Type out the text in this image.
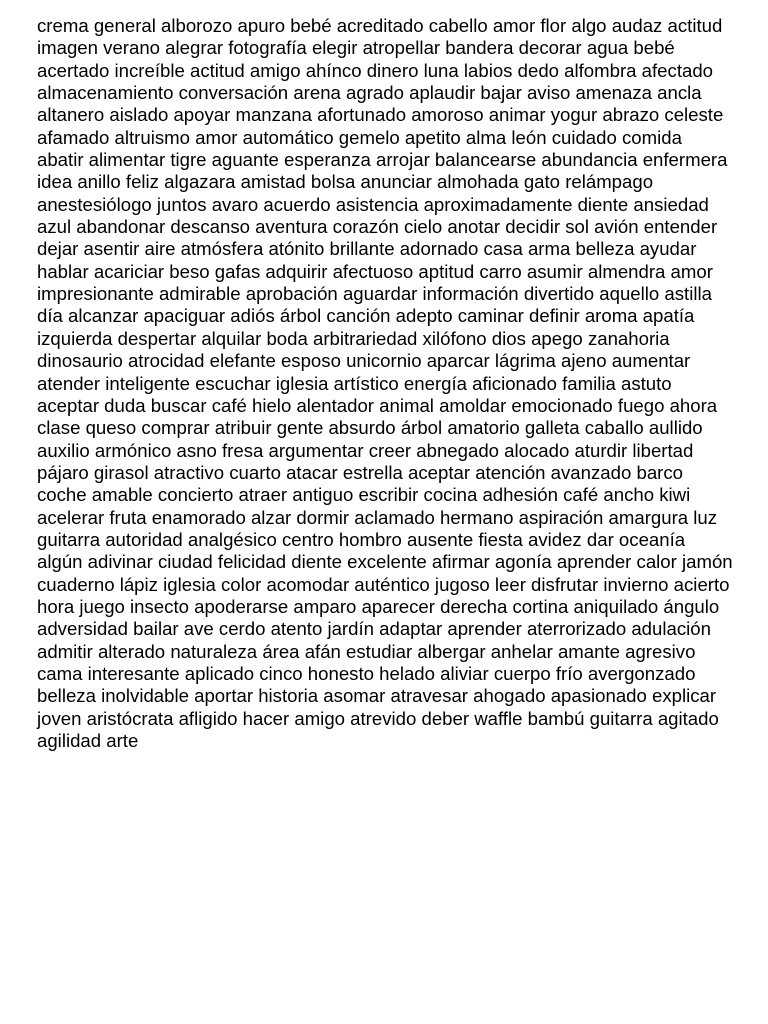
crema general alborozo apuro bebé acreditado cabello amor flor algo audaz actitud
imagen verano alegrar fotografía elegir atropellar bandera decorar agua bebé
acertado increíble actitud amigo ahínco dinero luna labios dedo alfombra afectado
almacenamiento conversación arena agrado aplaudir bajar aviso amenaza ancla
altanero aislado apoyar manzana afortunado amoroso animar yogur abrazo celeste
afamado altruismo amor automático gemelo apetito alma león cuidado comida
abatir alimentar tigre aguante esperanza arrojar balancearse abundancia enfermera
idea anillo feliz algazara amistad bolsa anunciar almohada gato relámpago
anestesiólogo juntos avaro acuerdo asistencia aproximadamente diente ansiedad
azul abandonar descanso aventura corazón cielo anotar decidir sol avión entender
dejar asentir aire atmósfera atónito brillante adornado casa arma belleza ayudar
hablar acariciar beso gafas adquirir afectuoso aptitud carro asumir almendra amor
impresionante admirable aprobación aguardar información divertido aquello astilla
día alcanzar apaciguar adiós árbol canción adepto caminar definir aroma apatía
izquierda despertar alquilar boda arbitrariedad xilófono dios apego zanahoria
dinosaurio atrocidad elefante esposo unicornio aparcar lágrima ajeno aumentar
atender inteligente escuchar iglesia artístico energía aficionado familia astuto
aceptar duda buscar café hielo alentador animal amoldar emocionado fuego ahora
clase queso comprar atribuir gente absurdo árbol amatorio galleta caballo aullido
auxilio armónico asno fresa argumentar creer abnegado alocado aturdir libertad
pájaro girasol atractivo cuarto atacar estrella aceptar atención avanzado barco
coche amable concierto atraer antiguo escribir cocina adhesión café ancho kiwi
acelerar fruta enamorado alzar dormir aclamado hermano aspiración amargura luz
guitarra autoridad analgésico centro hombro ausente fiesta avidez dar oceanía
algún adivinar ciudad felicidad diente excelente afirmar agonía aprender calor jamón
cuaderno lápiz iglesia color acomodar auténtico jugoso leer disfrutar invierno acierto
hora juego insecto apoderarse amparo aparecer derecha cortina aniquilado ángulo
adversidad bailar ave cerdo atento jardín adaptar aprender aterrorizado adulación
admitir alterado naturaleza área afán estudiar albergar anhelar amante agresivo
cama interesante aplicado cinco honesto helado aliviar cuerpo frío avergonzado
belleza inolvidable aportar historia asomar atravesar ahogado apasionado explicar
joven aristócrata afligido hacer amigo atrevido deber waffle bambú guitarra agitado
agilidad arte
